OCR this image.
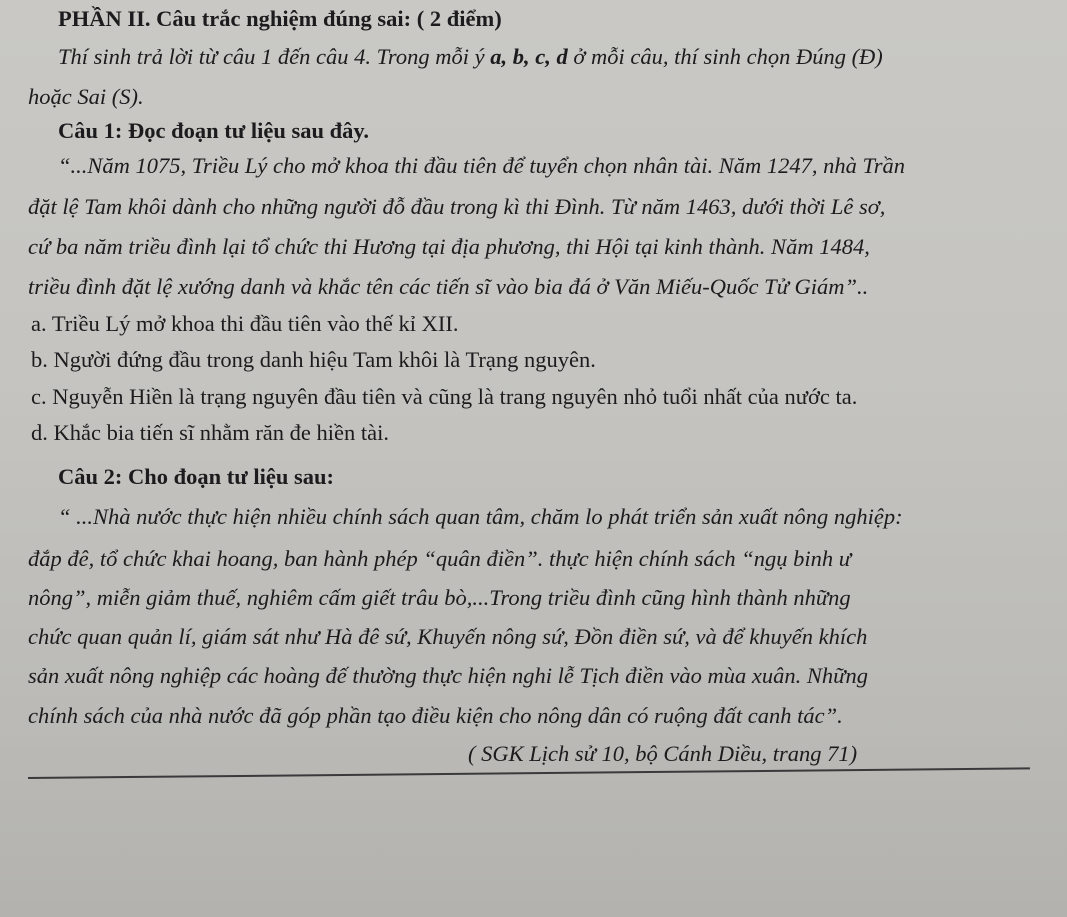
PHẦN II. Câu trắc nghiệm đúng sai: ( 2 điểm)
Thí sinh trả lời từ câu 1 đến câu 4. Trong mỗi ý a, b, c, d ở mỗi câu, thí sinh chọn Đúng (Đ)
hoặc Sai (S).
Câu 1: Đọc đoạn tư liệu sau đây.
“...Năm 1075, Triều Lý cho mở khoa thi đầu tiên để tuyển chọn nhân tài. Năm 1247, nhà Trần
đặt lệ Tam khôi dành cho những người đỗ đầu trong kì thi Đình. Từ năm 1463, dưới thời Lê sơ,
cứ ba năm triều đình lại tổ chức thi Hương tại địa phương, thi Hội tại kinh thành. Năm 1484,
triều đình đặt lệ xướng danh và khắc tên các tiến sĩ vào bia đá ở Văn Miếu-Quốc Tử Giám”..
a. Triều Lý mở khoa thi đầu tiên vào thế kỉ XII.
b. Người đứng đầu trong danh hiệu Tam khôi là Trạng nguyên.
c. Nguyễn Hiền là trạng nguyên đầu tiên và cũng là trang nguyên nhỏ tuổi nhất của nước ta.
d. Khắc bia tiến sĩ nhằm răn đe hiền tài.
Câu 2: Cho đoạn tư liệu sau:
“ ...Nhà nước thực hiện nhiều chính sách quan tâm, chăm lo phát triển sản xuất nông nghiệp:
đắp đê, tổ chức khai hoang, ban hành phép “quân điền”. thực hiện chính sách “ngụ binh ư
nông”, miễn giảm thuế, nghiêm cấm giết trâu bò,...Trong triều đình cũng hình thành những
chức quan quản lí, giám sát như Hà đê sứ, Khuyến nông sứ, Đồn điền sứ, và để khuyến khích
sản xuất nông nghiệp các hoàng đế thường thực hiện nghi lễ Tịch điền vào mùa xuân. Những
chính sách của nhà nước đã góp phần tạo điều kiện cho nông dân có ruộng đất canh tác”.
( SGK Lịch sử 10, bộ Cánh Diều, trang 71)
